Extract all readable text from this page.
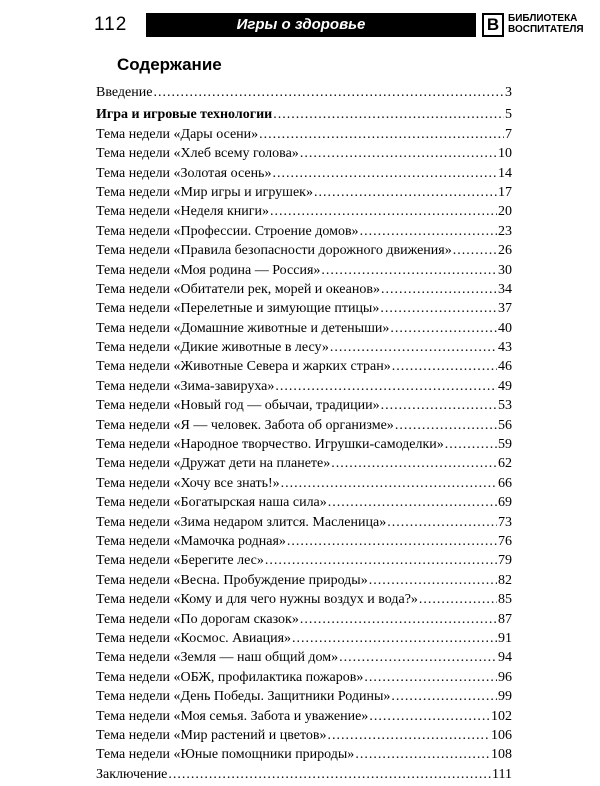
112	Игры о здоровье	В БИБЛИОТЕКА
ВОСПИТАТЕЛЯ
Содержание
Введение .....	3
Игра и игровые технологии .....	5
Тема недели «Дары осени» .....	7
Тема недели «Хлеб всему голова» .....	10
Тема недели «Золотая осень» .....	14
Тема недели «Мир игры и игрушек» .....	17
Тема недели «Неделя книги» .....	20
Тема недели «Профессии. Строение домов» .....	23
Тема недели «Правила безопасности дорожного движения» .....	26
Тема недели «Моя родина — Россия» .....	30
Тема недели «Обитатели рек, морей и океанов» .....	34
Тема недели «Перелетные и зимующие птицы» .....	37
Тема недели «Домашние животные и детеныши» .....	40
Тема недели «Дикие животные в лесу» .....	43
Тема недели «Животные Севера и жарких стран» .....	46
Тема недели «Зима-завируха» .....	49
Тема недели «Новый год — обычаи, традиции» .....	53
Тема недели «Я — человек. Забота об организме» .....	56
Тема недели «Народное творчество. Игрушки-самоделки» .....	59
Тема недели «Дружат дети на планете» .....	62
Тема недели «Хочу все знать!» .....	66
Тема недели «Богатырская наша сила» .....	69
Тема недели «Зима недаром злится. Масленица» .....	73
Тема недели «Мамочка родная» .....	76
Тема недели «Берегите лес» .....	79
Тема недели «Весна. Пробуждение природы» .....	82
Тема недели «Кому и для чего нужны воздух и вода?» .....	85
Тема недели «По дорогам сказок» .....	87
Тема недели «Космос. Авиация» .....	91
Тема недели «Земля — наш общий дом» .....	94
Тема недели «ОБЖ, профилактика пожаров» .....	96
Тема недели «День Победы. Защитники Родины» .....	99
Тема недели «Моя семья. Забота и уважение» .....	102
Тема недели «Мир растений и цветов» .....	106
Тема недели «Юные помощники природы» .....	108
Заключение .....	111
